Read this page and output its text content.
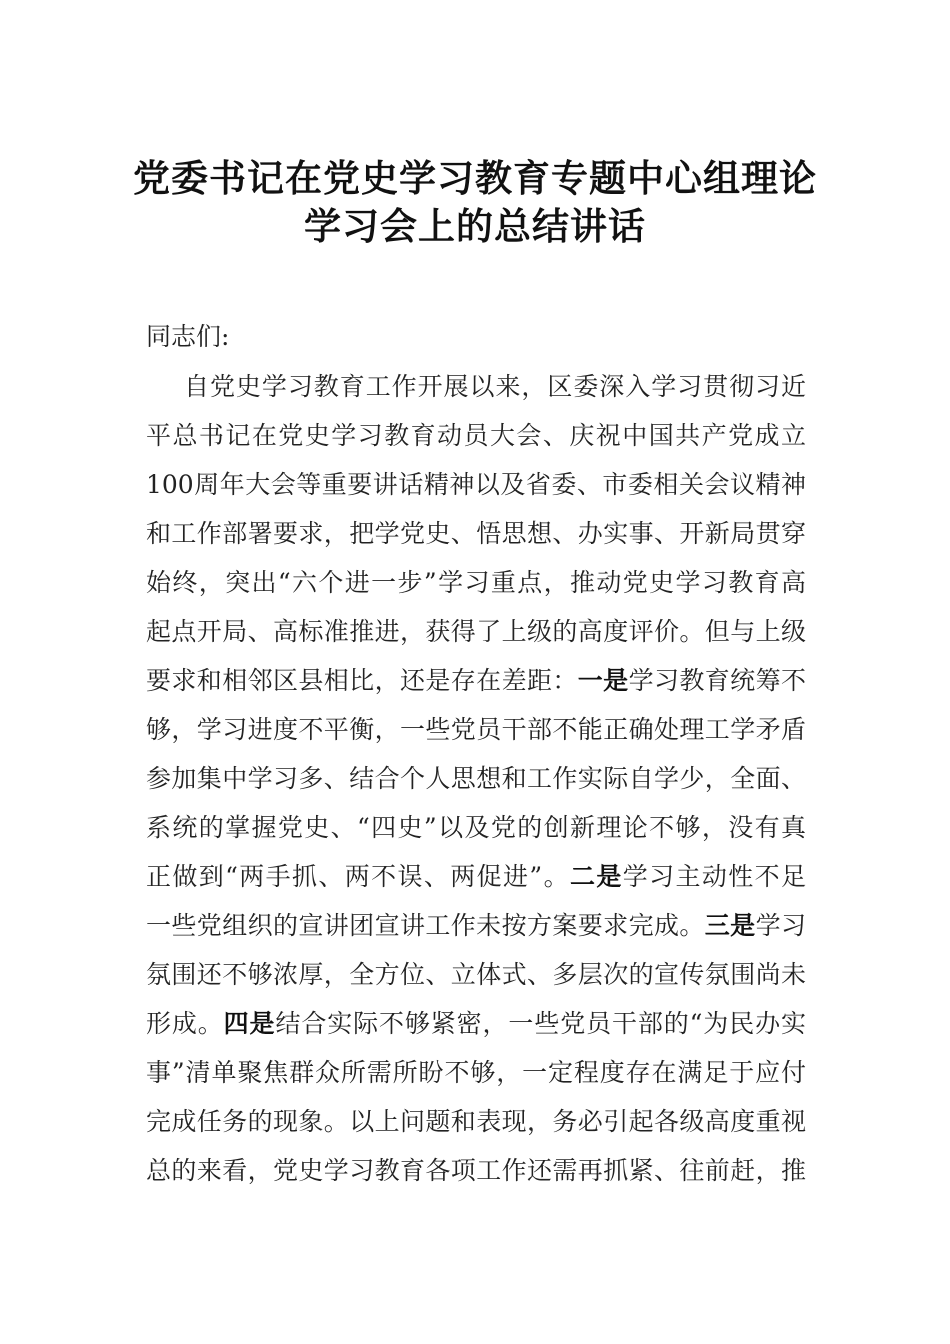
党委书记在党史学习教育专题中心组理论
学习会上的总结讲话
同志们:
自党史学习教育工作开展以来，区委深入学习贯彻习近
平总书记在党史学习教育动员大会、庆祝中国共产党成立
100周年大会等重要讲话精神以及省委、市委相关会议精神
和工作部署要求，把学党史、悟思想、办实事、开新局贯穿
始终，突出“六个进一步”学习重点，推动党史学习教育高
起点开局、高标准推进，获得了上级的高度评价。但与上级
要求和相邻区县相比，还是存在差距：一是学习教育统筹不
够，学习进度不平衡，一些党员干部不能正确处理工学矛盾
参加集中学习多、结合个人思想和工作实际自学少，全面、
系统的掌握党史、“四史”以及党的创新理论不够，没有真
正做到“两手抓、两不误、两促进”。二是学习主动性不足
一些党组织的宣讲团宣讲工作未按方案要求完成。三是学习
氛围还不够浓厚，全方位、立体式、多层次的宣传氛围尚未
形成。四是结合实际不够紧密，一些党员干部的“为民办实
事”清单聚焦群众所需所盼不够，一定程度存在满足于应付
完成任务的现象。以上问题和表现，务必引起各级高度重视
总的来看，党史学习教育各项工作还需再抓紧、往前赶，推
